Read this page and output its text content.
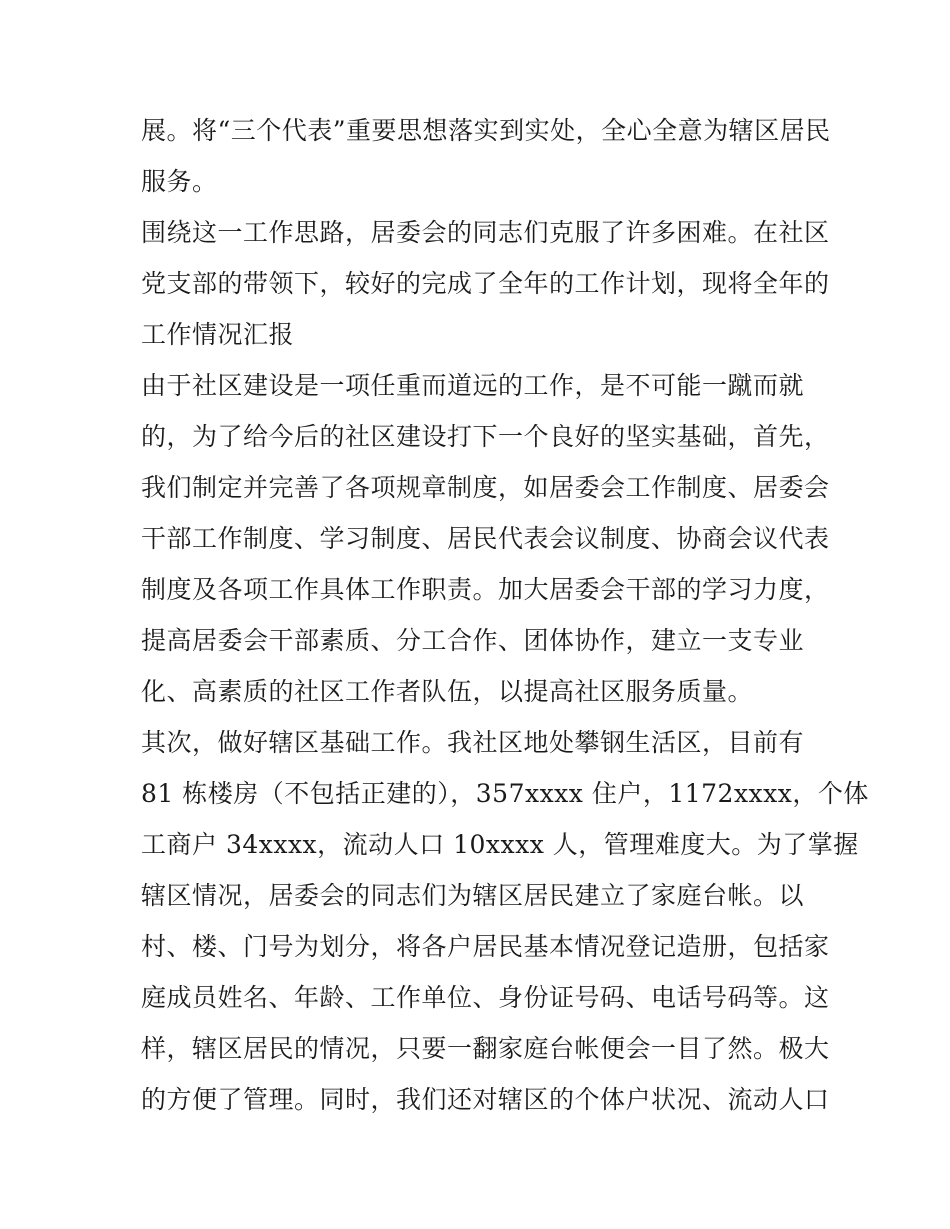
展。将“三个代表”重要思想落实到实处，全心全意为辖区居民
服务。
围绕这一工作思路，居委会的同志们克服了许多困难。在社区
党支部的带领下，较好的完成了全年的工作计划，现将全年的
工作情况汇报
由于社区建设是一项任重而道远的工作，是不可能一蹴而就
的，为了给今后的社区建设打下一个良好的坚实基础，首先，
我们制定并完善了各项规章制度，如居委会工作制度、居委会
干部工作制度、学习制度、居民代表会议制度、协商会议代表
制度及各项工作具体工作职责。加大居委会干部的学习力度，
提高居委会干部素质、分工合作、团体协作，建立一支专业
化、高素质的社区工作者队伍，以提高社区服务质量。
其次，做好辖区基础工作。我社区地处攀钢生活区，目前有
81 栋楼房（不包括正建的），357xxxx 住户，1172xxxx，个体
工商户 34xxxx，流动人口 10xxxx 人，管理难度大。为了掌握
辖区情况，居委会的同志们为辖区居民建立了家庭台帐。以
村、楼、门号为划分，将各户居民基本情况登记造册，包括家
庭成员姓名、年龄、工作单位、身份证号码、电话号码等。这
样，辖区居民的情况，只要一翻家庭台帐便会一目了然。极大
的方便了管理。同时，我们还对辖区的个体户状况、流动人口
